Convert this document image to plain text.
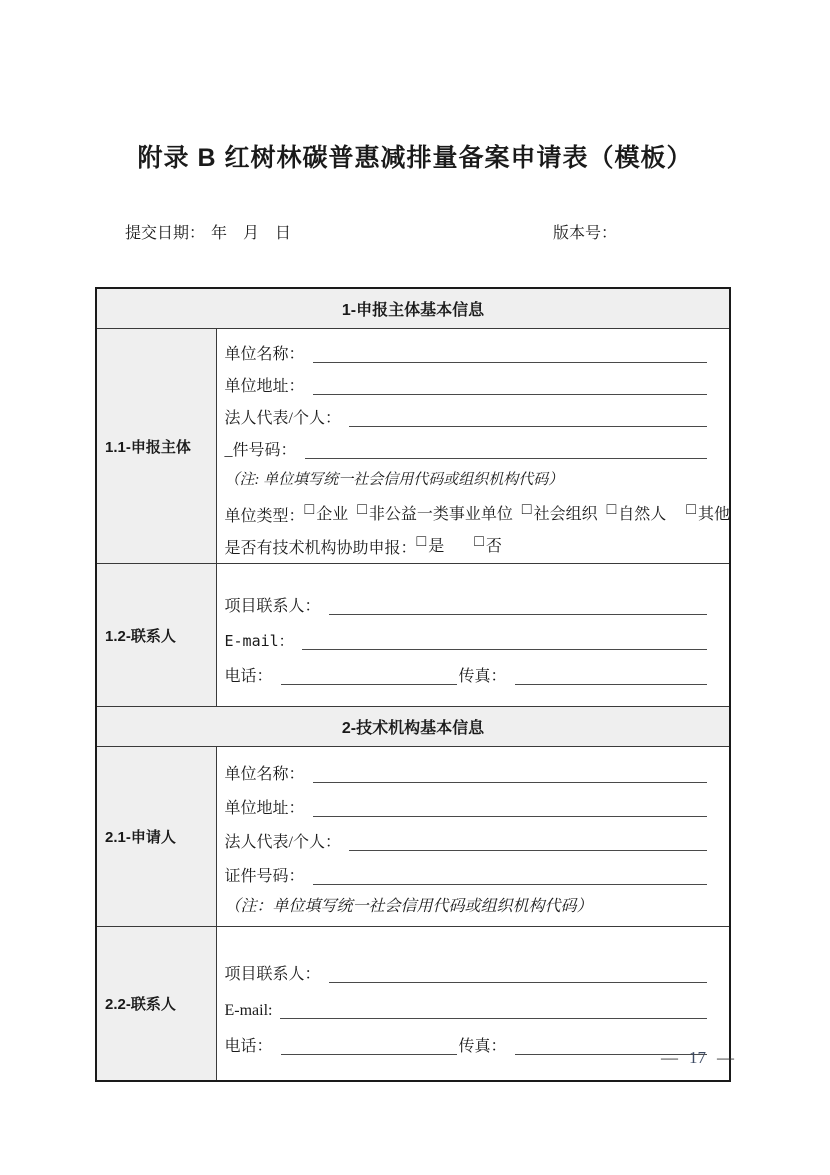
附录 B 红树林碳普惠减排量备案申请表（模板）
提交日期： 年　月　日	版本号：
1-申报主体基本信息	
1.1-申报主体	
单位名称：
单位地址：
法人代表/个人：
_件号码：
（注: 单位填写统一社会信用代码或组织机构代码）
单位类型： □ 企业 □ 非公益一类事业单位 □ 社会组织 □ 自然人 □ 其他
是否有技术机构协助申报： □ 是 □ 否

1.2-联系人	项目联系人：
E-mail：
电话： 传真：

2-技术机构基本信息	
2.1-申请人	单位名称：
单位地址：
法人代表/个人：
证件号码：
（注：单位填写统一社会信用代码或组织机构代码）

2.2-联系人	项目联系人：
E-mail:
电话： 传真：
— 17 —
